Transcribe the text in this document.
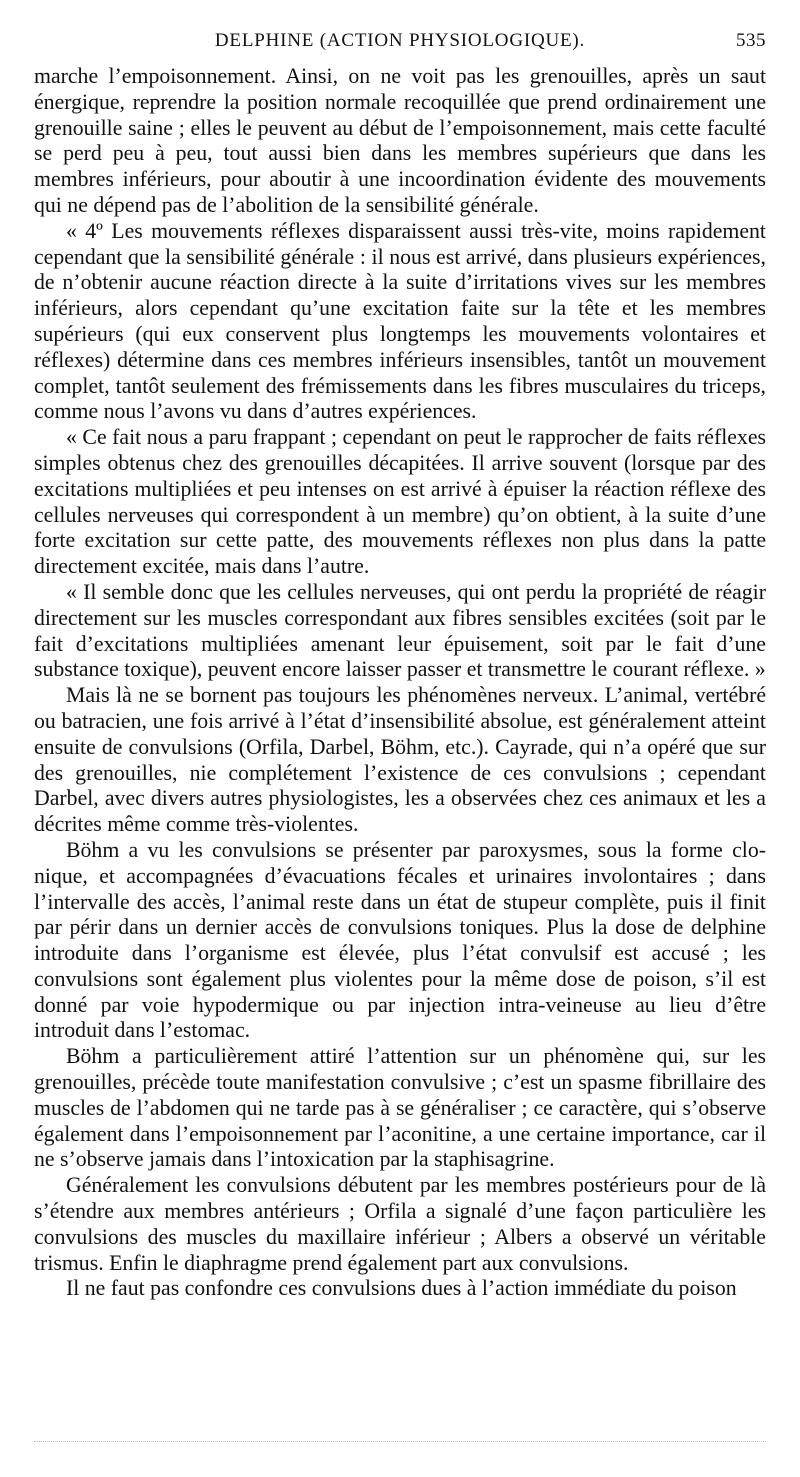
DELPHINE (ACTION PHYSIOLOGIQUE).	535

marche l’empoisonnement. Ainsi, on ne voit pas les grenouilles, après un saut énergique, reprendre la position normale recoquillée que prend ordinairement une grenouille saine ; elles le peuvent au début de l’empoisonnement, mais cette faculté se perd peu à peu, tout aussi bien dans les membres supérieurs que dans les membres inférieurs, pour aboutir à une incoordination évidente des mouvements qui ne dépend pas de l’abolition de la sensibilité générale.

« 4º Les mouvements réflexes disparaissent aussi très-vite, moins rapidement cependant que la sensibilité générale : il nous est arrivé, dans plusieurs expériences, de n’obtenir aucune réaction directe à la suite d’irritations vives sur les membres inférieurs, alors cependant qu’une excitation faite sur la tête et les membres supérieurs (qui eux conservent plus longtemps les mouvements volontaires et réflexes) détermine dans ces membres inférieurs insensibles, tantôt un mouvement complet, tantôt seulement des frémissements dans les fibres musculaires du triceps, comme nous l’avons vu dans d’autres expériences.

« Ce fait nous a paru frappant ; cependant on peut le rapprocher de faits réflexes simples obtenus chez des grenouilles décapitées. Il arrive souvent (lorsque par des excitations multipliées et peu intenses on est arrivé à épuiser la réaction réflexe des cellules nerveuses qui correspondent à un membre) qu’on obtient, à la suite d’une forte excitation sur cette patte, des mouvements réflexes non plus dans la patte directement excitée, mais dans l’autre.

« Il semble donc que les cellules nerveuses, qui ont perdu la propriété de réagir directement sur les muscles correspondant aux fibres sensibles excitées (soit par le fait d’excitations multipliées amenant leur épuisement, soit par le fait d’une substance toxique), peuvent encore laisser passer et transmettre le courant réflexe. »

Mais là ne se bornent pas toujours les phénomènes nerveux. L’animal, vertébré ou batracien, une fois arrivé à l’état d’insensibilité absolue, est généralement atteint ensuite de convulsions (Orfila, Darbel, Böhm, etc.). Cayrade, qui n’a opéré que sur des grenouilles, nie complétement l’existence de ces convulsions ; cependant Darbel, avec divers autres physiologistes, les a observées chez ces animaux et les a décrites même comme très-violentes.

Böhm a vu les convulsions se présenter par paroxysmes, sous la forme clonique, et accompagnées d’évacuations fécales et urinaires involontaires ; dans l’intervalle des accès, l’animal reste dans un état de stupeur complète, puis il finit par périr dans un dernier accès de convulsions toniques. Plus la dose de delphine introduite dans l’organisme est élevée, plus l’état convulsif est accusé ; les convulsions sont également plus violentes pour la même dose de poison, s’il est donné par voie hypodermique ou par injection intra-veineuse au lieu d’être introduit dans l’estomac.

Böhm a particulièrement attiré l’attention sur un phénomène qui, sur les grenouilles, précède toute manifestation convulsive ; c’est un spasme fibrillaire des muscles de l’abdomen qui ne tarde pas à se généraliser ; ce caractère, qui s’observe également dans l’empoisonnement par l’aconitine, a une certaine importance, car il ne s’observe jamais dans l’intoxication par la staphisagrine.

Généralement les convulsions débutent par les membres postérieurs pour de là s’étendre aux membres antérieurs ; Orfila a signalé d’une façon particulière les convulsions des muscles du maxillaire inférieur ; Albers a observé un véritable trismus. Enfin le diaphragme prend également part aux convulsions.

Il ne faut pas confondre ces convulsions dues à l’action immédiate du poison
